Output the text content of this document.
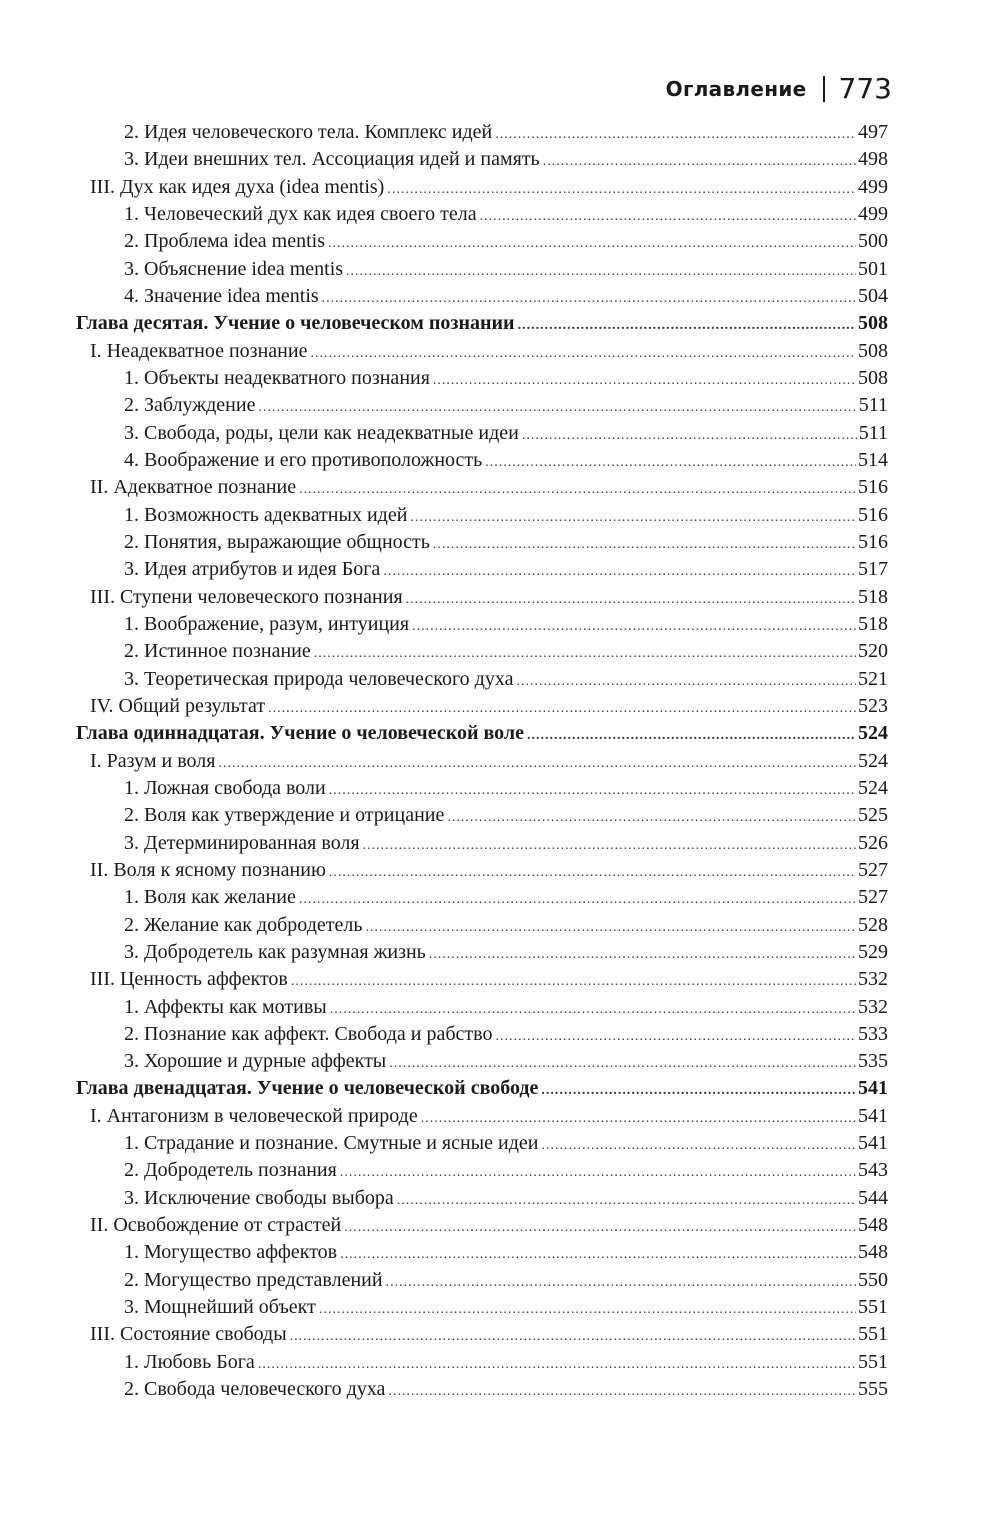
Оглавление 773
2. Идея человеческого тела. Комплекс идей .....	497
3. Идеи внешних тел. Ассоциация идей и память .....	498
III. Дух как идея духа (idea mentis) .....	499
1. Человеческий дух как идея своего тела .....	499
2. Проблема idea mentis .....	500
3. Объяснение idea mentis .....	501
4. Значение idea mentis .....	504
Глава десятая. Учение о человеческом познании .....	508
I. Неадекватное познание .....	508
1. Объекты неадекватного познания .....	508
2. Заблуждение .....	511
3. Свобода, роды, цели как неадекватные идеи .....	511
4. Воображение и его противоположность .....	514
II. Адекватное познание .....	516
1. Возможность адекватных идей .....	516
2. Понятия, выражающие общность .....	516
3. Идея атрибутов и идея Бога .....	517
III. Ступени человеческого познания .....	518
1. Воображение, разум, интуиция .....	518
2. Истинное познание .....	520
3. Теоретическая природа человеческого духа .....	521
IV. Общий результат .....	523
Глава одиннадцатая. Учение о человеческой воле .....	524
I. Разум и воля .....	524
1. Ложная свобода воли .....	524
2. Воля как утверждение и отрицание .....	525
3. Детерминированная воля .....	526
II. Воля к ясному познанию .....	527
1. Воля как желание .....	527
2. Желание как добродетель .....	528
3. Добродетель как разумная жизнь .....	529
III. Ценность аффектов .....	532
1. Аффекты как мотивы .....	532
2. Познание как аффект. Свобода и рабство .....	533
3. Хорошие и дурные аффекты .....	535
Глава двенадцатая. Учение о человеческой свободе .....	541
I. Антагонизм в человеческой природе .....	541
1. Страдание и познание. Смутные и ясные идеи .....	541
2. Добродетель познания .....	543
3. Исключение свободы выбора .....	544
II. Освобождение от страстей .....	548
1. Могущество аффектов .....	548
2. Могущество представлений .....	550
3. Мощнейший объект .....	551
III. Состояние свободы .....	551
1. Любовь Бога .....	551
2. Свобода человеческого духа .....	555
